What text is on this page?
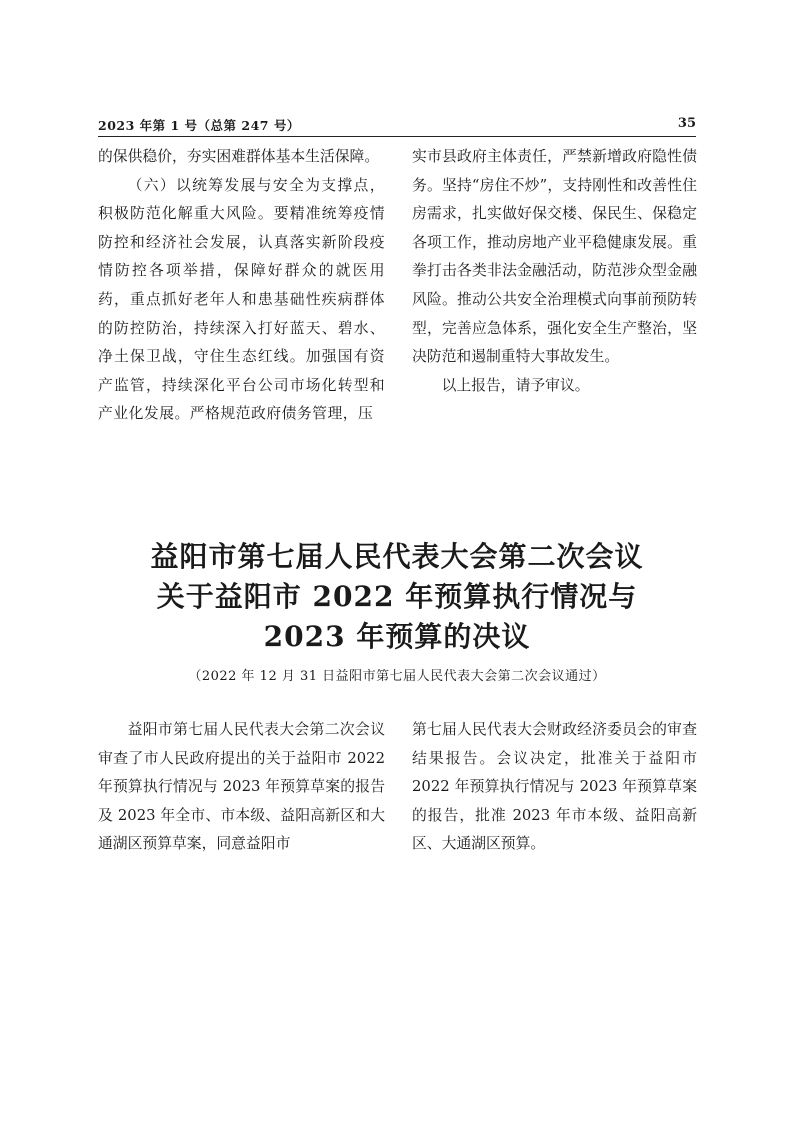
2023 年第 1 号（总第 247 号）	35

的保供稳价，夯实困难群体基本生活保障。

（六）以统筹发展与安全为支撑点，积极防范化解重大风险。要精准统筹疫情防控和经济社会发展，认真落实新阶段疫情防控各项举措，保障好群众的就医用药，重点抓好老年人和患基础性疾病群体的防控防治，持续深入打好蓝天、碧水、净土保卫战，守住生态红线。加强国有资产监管，持续深化平台公司市场化转型和产业化发展。严格规范政府债务管理，压

实市县政府主体责任，严禁新增政府隐性债务。坚持“房住不炒”，支持刚性和改善性住房需求，扎实做好保交楼、保民生、保稳定各项工作，推动房地产业平稳健康发展。重拳打击各类非法金融活动，防范涉众型金融风险。推动公共安全治理模式向事前预防转型，完善应急体系，强化安全生产整治，坚决防范和遏制重特大事故发生。

以上报告，请予审议。

益阳市第七届人民代表大会第二次会议
关于益阳市 2022 年预算执行情况与
2023 年预算的决议
（2022 年 12 月 31 日益阳市第七届人民代表大会第二次会议通过）

益阳市第七届人民代表大会第二次会议审查了市人民政府提出的关于益阳市 2022 年预算执行情况与 2023 年预算草案的报告及 2023 年全市、市本级、益阳高新区和大通湖区预算草案，同意益阳市

第七届人民代表大会财政经济委员会的审查结果报告。会议决定，批准关于益阳市 2022 年预算执行情况与 2023 年预算草案的报告，批准 2023 年市本级、益阳高新区、大通湖区预算。
